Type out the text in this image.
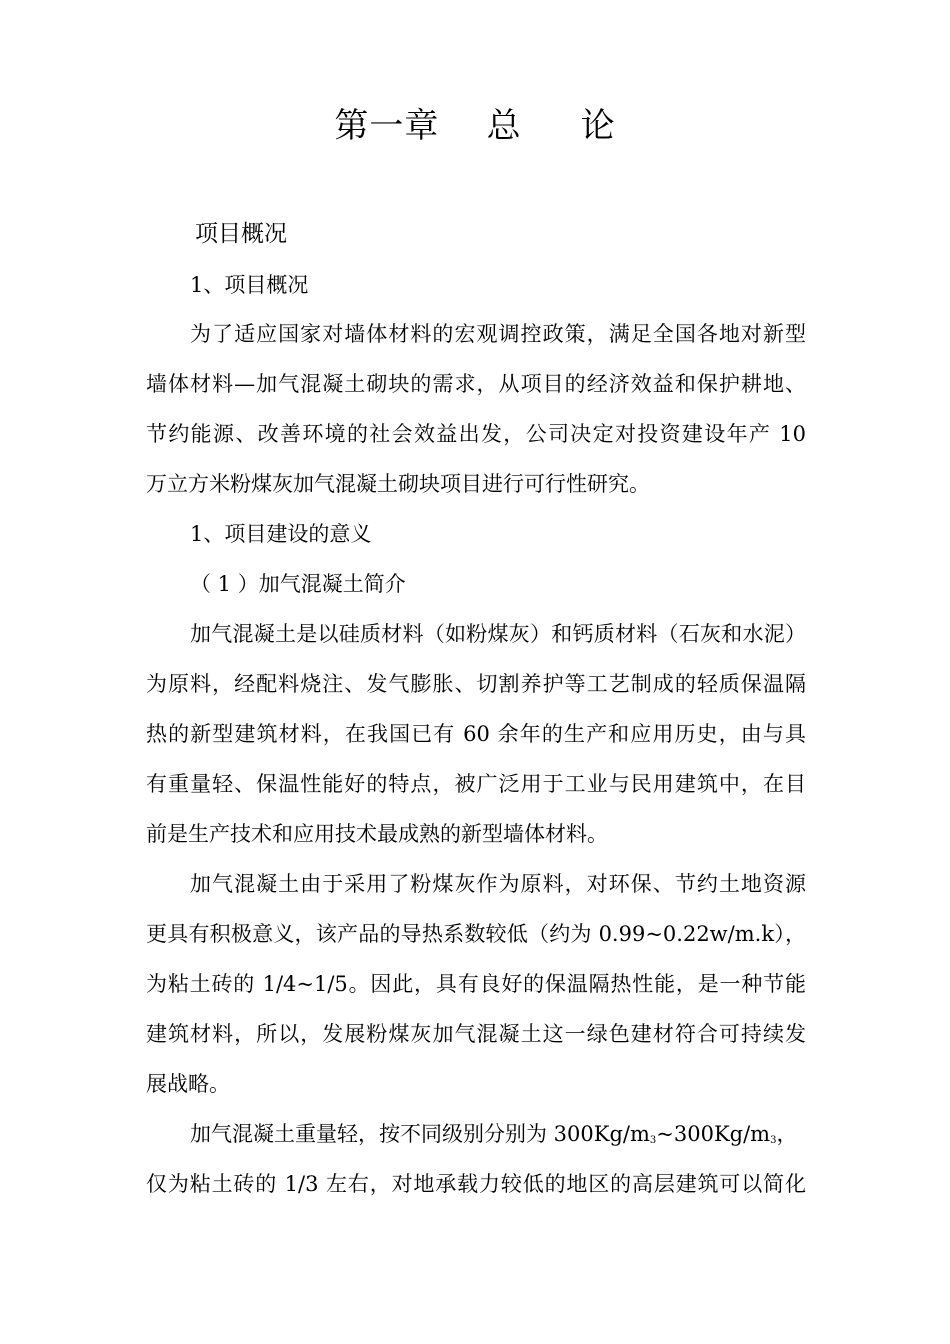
第一章    总     论
项目概况
1、项目概况
为了适应国家对墙体材料的宏观调控政策，满足全国各地对新型
墙体材料—加气混凝土砌块的需求，从项目的经济效益和保护耕地、
节约能源、改善环境的社会效益出发，公司决定对投资建设年产 10
万立方米粉煤灰加气混凝土砌块项目进行可行性研究。
1、项目建设的意义
（ 1 ）加气混凝土简介
加气混凝土是以硅质材料（如粉煤灰）和钙质材料（石灰和水泥）
为原料，经配料烧注、发气膨胀、切割养护等工艺制成的轻质保温隔
热的新型建筑材料，在我国已有 60 余年的生产和应用历史，由与具
有重量轻、保温性能好的特点，被广泛用于工业与民用建筑中，在目
前是生产技术和应用技术最成熟的新型墙体材料。
加气混凝土由于采用了粉煤灰作为原料，对环保、节约土地资源
更具有积极意义，该产品的导热系数较低（约为 0.99~0.22w/m.k），
为粘土砖的 1/4~1/5。因此，具有良好的保温隔热性能，是一种节能
建筑材料，所以，发展粉煤灰加气混凝土这一绿色建材符合可持续发
展战略。
加气混凝土重量轻，按不同级别分别为 $300Kg/m_3\sim 300Kg/m_3$，
仅为粘土砖的 1/3 左右，对地承载力较低的地区的高层建筑可以简化
